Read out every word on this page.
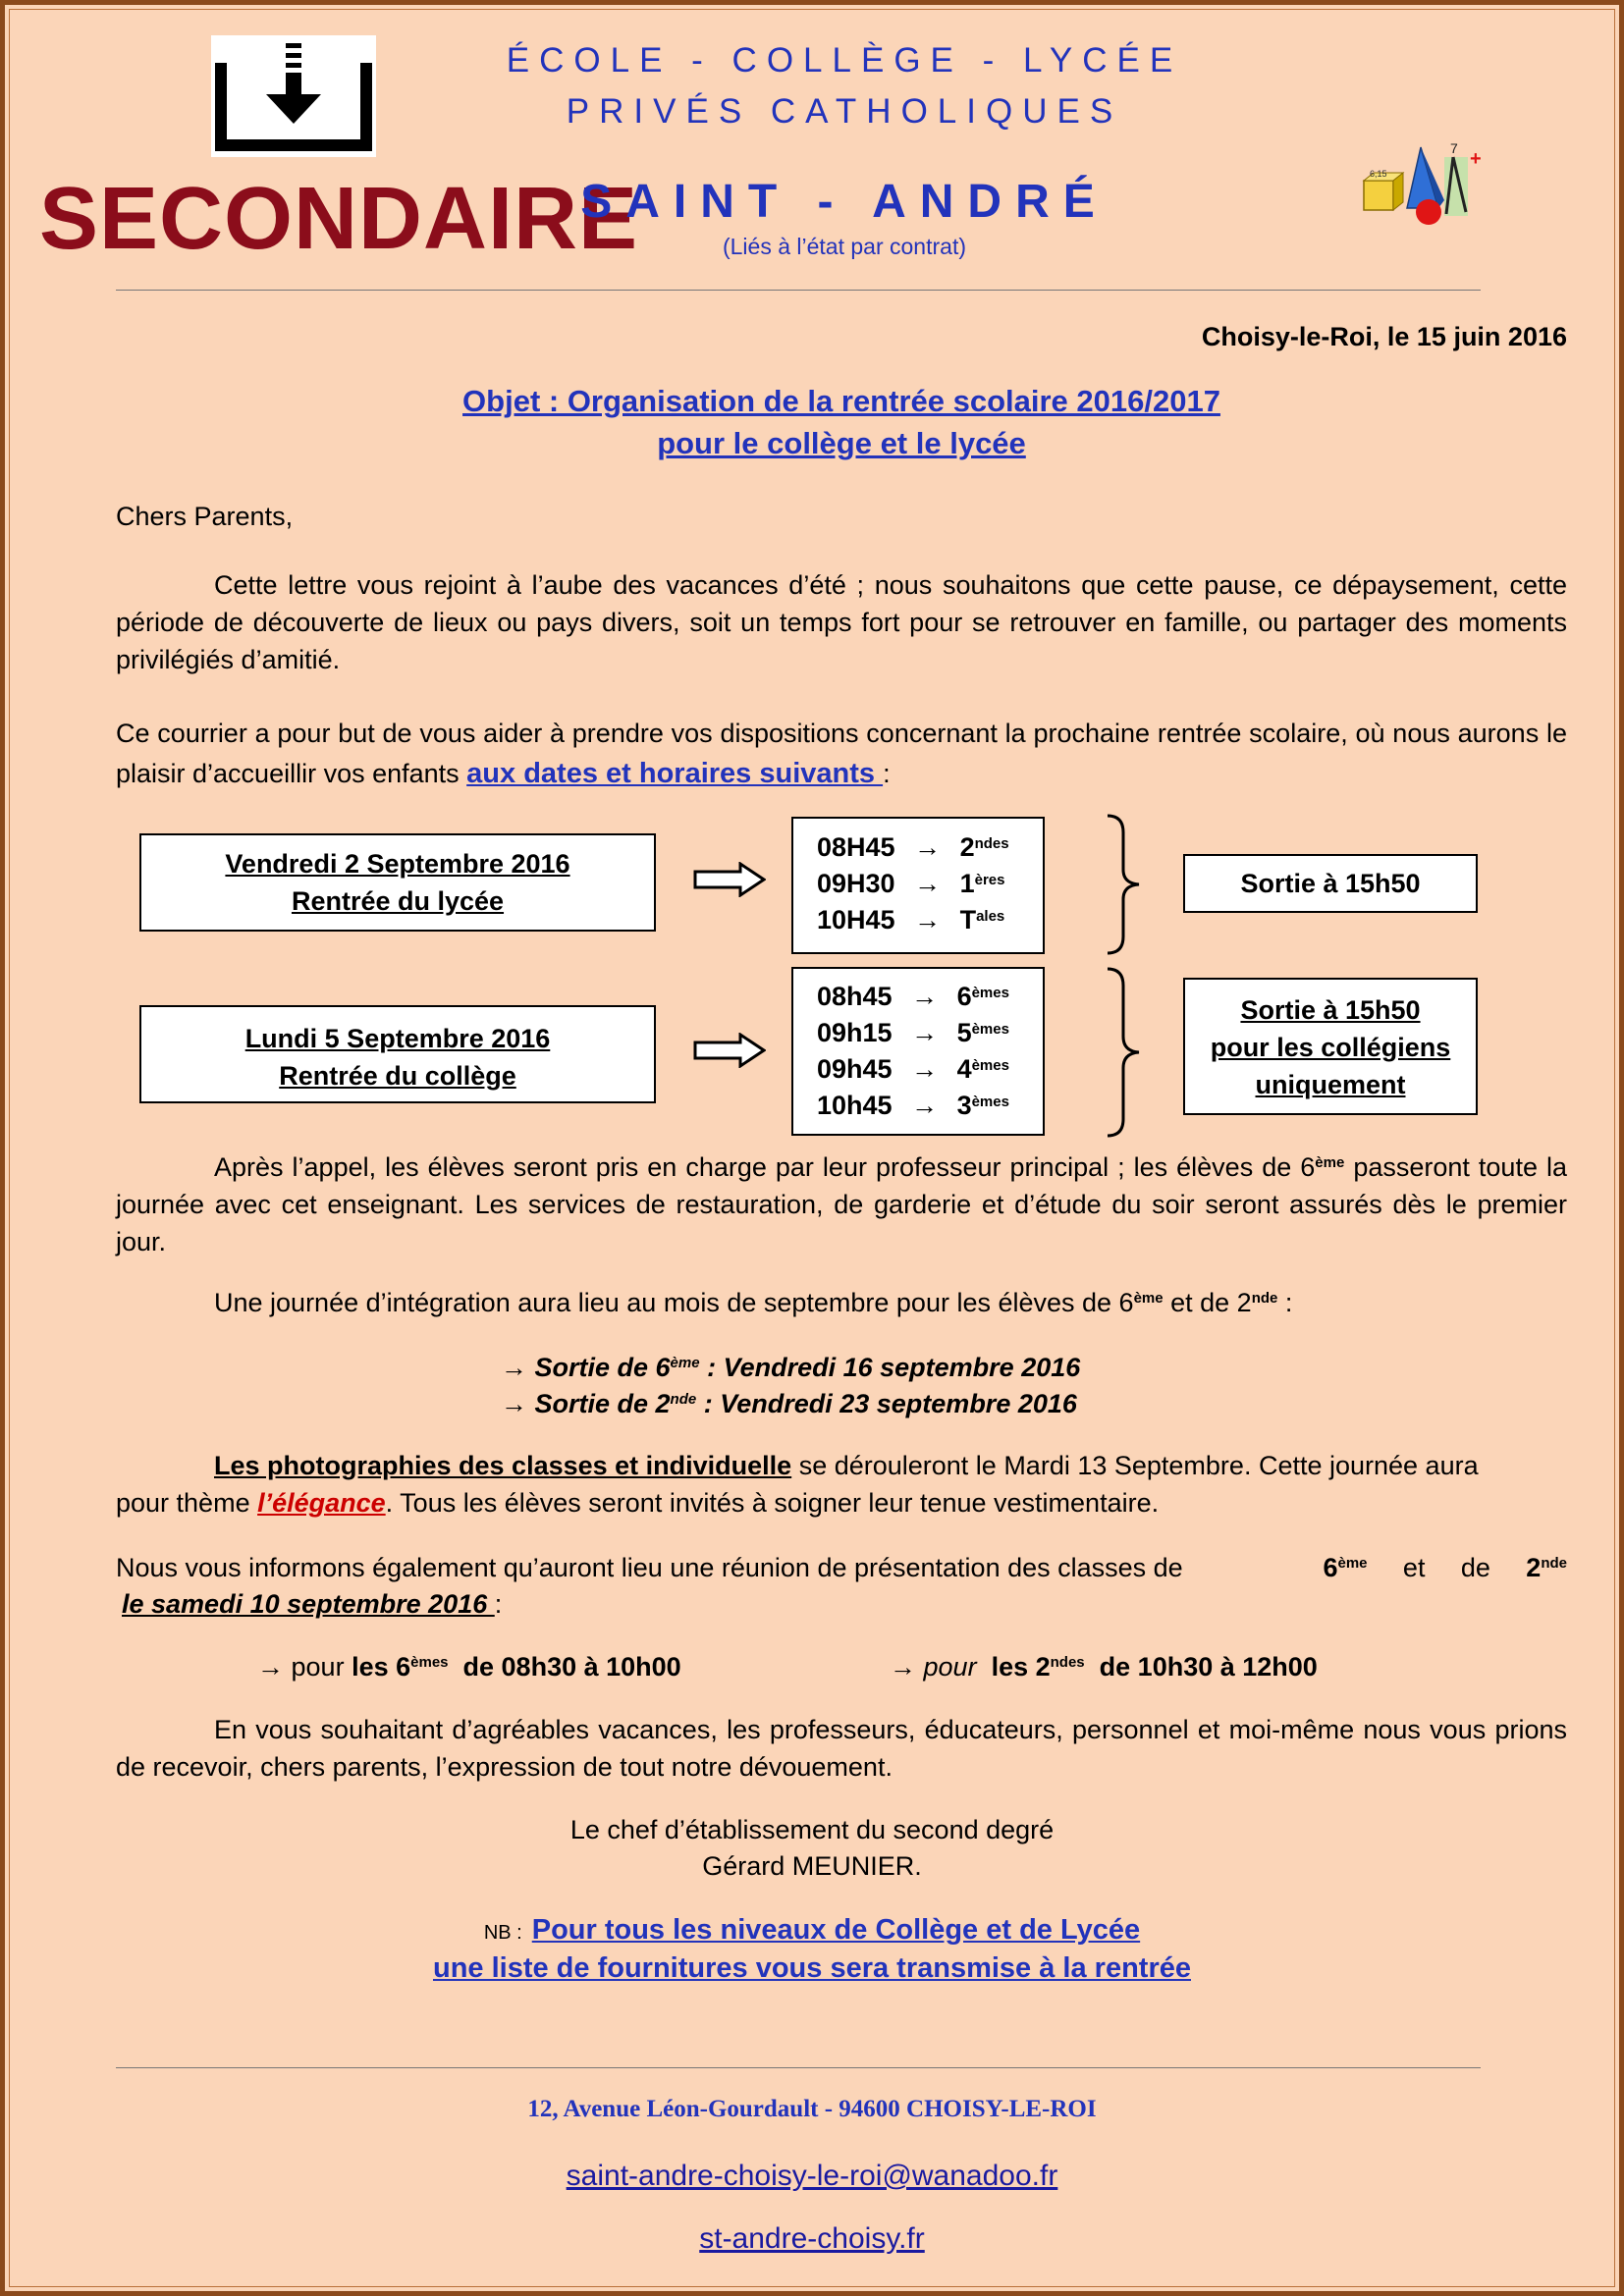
SECONDAIRE
ÉCOLE - COLLÈGE - LYCÉE
PRIVÉS CATHOLIQUES
SAINT - ANDRÉ
(Liés à l’état par contrat)
7 +
6,15
Choisy-le-Roi, le 15 juin 2016
Objet : Organisation de la rentrée scolaire 2016/2017
pour le collège et le lycée
Chers Parents,
Cette lettre vous rejoint à l’aube des vacances d’été ; nous souhaitons que cette pause, ce dépaysement, cette période de découverte de lieux ou pays divers, soit un temps fort pour se retrouver en famille, ou partager des moments privilégiés d’amitié.
Ce courrier a pour but de vous aider à prendre vos dispositions concernant la prochaine rentrée scolaire, où nous aurons le plaisir d’accueillir vos enfants aux dates et horaires suivants :
Vendredi 2 Septembre 2016
Rentrée du lycée
$08H45 \to 2^{ndes}$
09H30 → 1ères
$10H45 \to T^{ales}$
Sortie à 15h50
Lundi 5 Septembre 2016
Rentrée du collège
08h45 → 6èmes
09h15 → 5èmes
09h45 → 4èmes
10h45 → 3èmes
Sortie à 15h50
pour les collégiens
uniquement
Après l’appel, les élèves seront pris en charge par leur professeur principal ; les élèves de 6ème passeront toute la journée avec cet enseignant. Les services de restauration, de garderie et d’étude du soir seront assurés dès le premier jour.
Une journée d’intégration aura lieu au mois de septembre pour les élèves de 6ème et de 2nde :
→ Sortie de 6ème : Vendredi 16 septembre 2016
→ Sortie de 2nde : Vendredi 23 septembre 2016
Les photographies des classes et individuelle se dérouleront le Mardi 13 Septembre. Cette journée aura
pour thème l’élégance. Tous les élèves seront invités à soigner leur tenue vestimentaire.
Nous vous informons également qu’auront lieu une réunion de présentation des classes de	6ème et de 2nde
le samedi 10 septembre 2016 :
→ pour les 6èmes de 08h30 à 10h00	→ pour les $2^{ndes}$ de 10h30 à 12h00
En vous souhaitant d’agréables vacances, les professeurs, éducateurs, personnel et moi-même nous vous prions de recevoir, chers parents, l’expression de tout notre dévouement.
Le chef d’établissement du second degré
Gérard MEUNIER.
NB :  Pour tous les niveaux de Collège et de Lycée
une liste de fournitures vous sera transmise à la rentrée
12, Avenue Léon-Gourdault - 94600 CHOISY-LE-ROI
saint-andre-choisy-le-roi@wanadoo.fr
st-andre-choisy.fr
